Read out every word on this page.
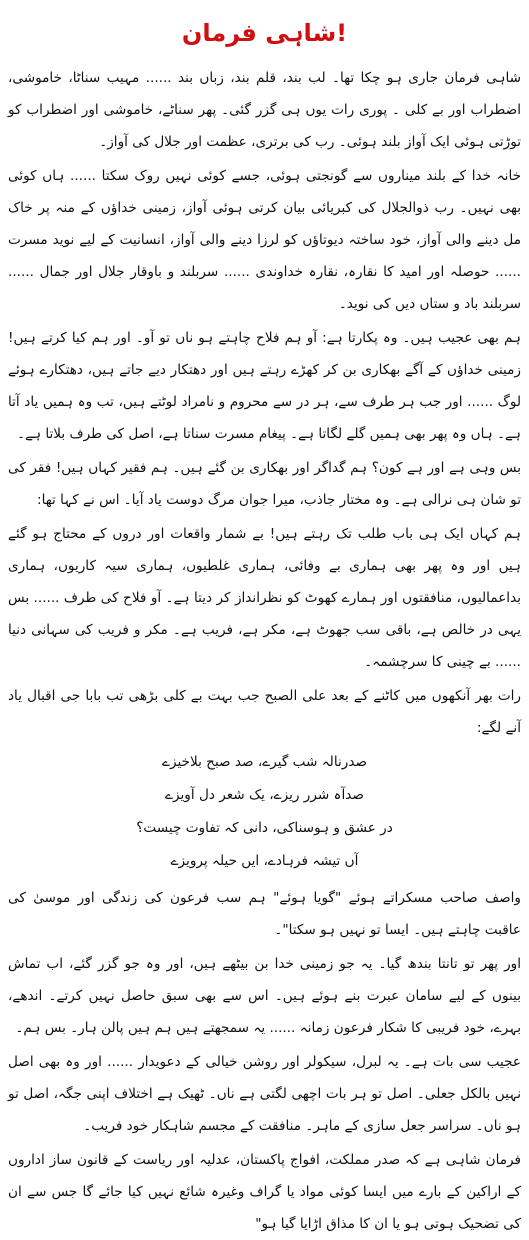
شاہی فرمان!

شاہی فرمان جاری ہو چکا تھا۔ لب بند، قلم بند، زباں بند ...... مہیب سناٹا، خاموشی، اضطراب اور بے کلی ۔ پوری رات یوں ہی گزر گئی۔ پھر سناٹے، خاموشی اور اضطراب کو توڑتی ہوئی ایک آواز بلند ہوئی۔ رب کی برتری، عظمت اور جلال کی آواز۔

خانہ خدا کے بلند میناروں سے گونجتی ہوئی، جسے کوئی نہیں روک سکتا ...... ہاں کوئی بھی نہیں۔ رب ذوالجلال کی کبریائی بیان کرتی ہوئی آواز، زمینی خداؤں کے منہ پر خاک مل دینے والی آواز، خود ساختہ دیوتاؤں کو لرزا دینے والی آواز، انسانیت کے لیے نوید مسرت ...... حوصلہ اور امید کا نقارہ، نقارہ خداوندی ...... سربلند و باوقار جلال اور جمال ...... سربلند باد و ستاں دیں کی نوید۔

ہم بھی عجیب ہیں۔ وہ پکارتا ہے: آو ہم فلاح چاہتے ہو ناں تو آو۔ اور ہم کیا کرتے ہیں! زمینی خداؤں کے آگے بھکاری بن کر کھڑے رہتے ہیں اور دھتکار دیے جاتے ہیں، دھتکارے ہوئے لوگ ...... اور جب ہر طرف سے، ہر در سے محروم و نامراد لوٹتے ہیں، تب وہ ہمیں یاد آتا ہے۔ ہاں وہ پھر بھی ہمیں گلے لگاتا ہے۔ پیغام مسرت سناتا ہے، اصل کی طرف بلاتا ہے۔

بس وہی ہے اور ہے کون؟ ہم گداگر اور بھکاری بن گئے ہیں۔ ہم فقیر کہاں ہیں! فقر کی تو شان ہی نرالی ہے۔ وہ مختار جاذب، میرا جوان مرگ دوست یاد آیا۔ اس نے کہا تھا:

ہم کہاں ایک ہی باب طلب تک رہتے ہیں! بے شمار واقعات اور دروں کے محتاج ہو گئے ہیں اور وہ پھر بھی ہماری بے وفائی، ہماری غلطیوں، ہماری سیہ کاریوں، ہماری بداعمالیوں، منافقتوں اور ہمارے کھوٹ کو نظرانداز کر دیتا ہے۔ آو فلاح کی طرف ...... بس یہی در خالص ہے، باقی سب جھوٹ ہے، مکر ہے، فریب ہے۔ مکر و فریب کی سہانی دنیا ...... بے چینی کا سرچشمہ۔

رات بھر آنکھوں میں کاٹنے کے بعد علی الصبح جب بہت بے کلی بڑھی تب بابا جی اقبال یاد آنے لگے:

صدرنالہ شب گیرے، صد صبح بلاخیزے
صدآہ شرر ریزے، یک شعر دل آویزے
در عشق و ہوسناکی، دانی کہ تفاوت چیست؟
آں تیشہ فرہادے، ایں حیلہ پرویزے

واصف صاحب مسکراتے ہوئے "گویا ہوئے" ہم سب فرعون کی زندگی اور موسیٰ کی عاقبت چاہتے ہیں۔ ایسا تو نہیں ہو سکتا"۔

اور پھر تو تانتا بندھ گیا۔ یہ جو زمینی خدا بن بیٹھے ہیں، اور وہ جو گزر گئے، اب تماش بینوں کے لیے سامان عبرت بنے ہوئے ہیں۔ اس سے بھی سبق حاصل نہیں کرتے۔ اندھے، بہرے، خود فریبی کا شکار فرعون زمانہ ...... یہ سمجھتے ہیں ہم ہیں پالن ہار۔ بس ہم۔

عجیب سی بات ہے۔ یہ لبرل، سیکولر اور روشن خیالی کے دعویدار ...... اور وہ بھی اصل نہیں بالکل جعلی۔ اصل تو ہر بات اچھی لگتی ہے ناں۔ ٹھیک ہے اختلاف اپنی جگہ، اصل تو ہو ناں۔ سراسر جعل سازی کے ماہر۔ منافقت کے مجسم شاہکار خود فریب۔

فرمان شاہی ہے کہ صدر مملکت، افواج پاکستان، عدلیہ اور ریاست کے قانون ساز اداروں کے اراکین کے بارے میں ایسا کوئی مواد یا گراف وغیرہ شائع نہیں کیا جائے گا جس سے ان کی تضحیک ہوتی ہو یا ان کا مذاق اڑایا گیا ہو"
